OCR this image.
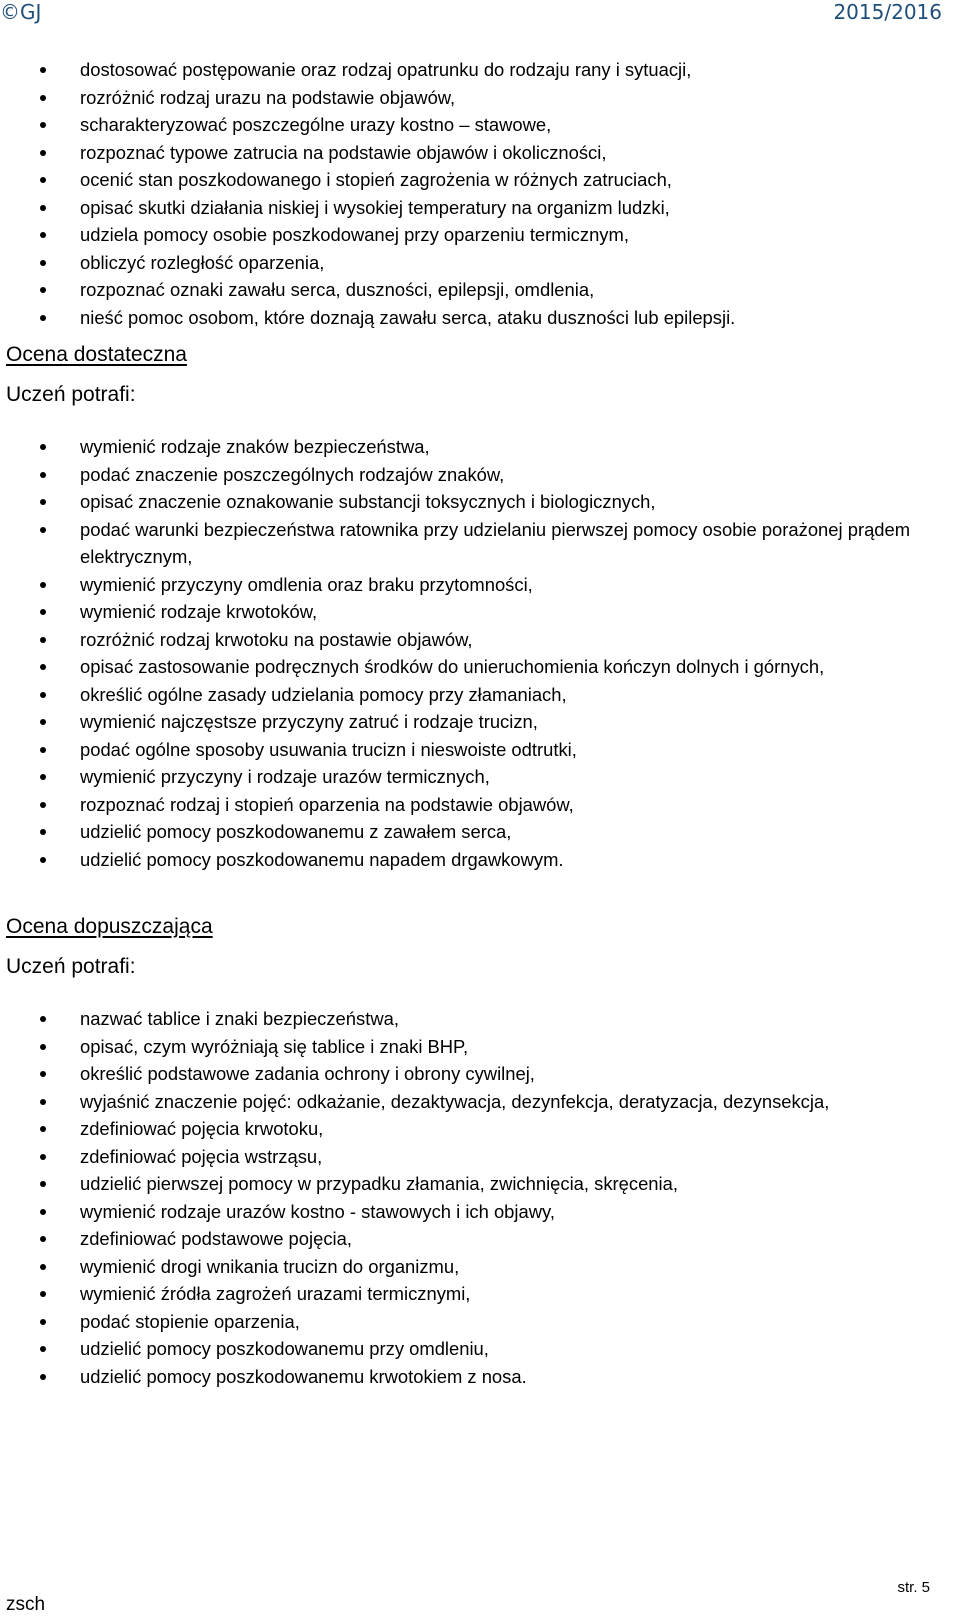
©GJ	2015/2016
dostosować postępowanie oraz rodzaj opatrunku do rodzaju rany i sytuacji,
rozróżnić rodzaj urazu na podstawie objawów,
scharakteryzować poszczególne urazy kostno – stawowe,
rozpoznać typowe zatrucia na podstawie objawów i okoliczności,
ocenić stan poszkodowanego i stopień zagrożenia w różnych zatruciach,
opisać skutki działania niskiej i wysokiej temperatury na organizm ludzki,
udziela pomocy osobie poszkodowanej przy oparzeniu termicznym,
obliczyć rozległość oparzenia,
rozpoznać oznaki zawału serca, duszności, epilepsji, omdlenia,
nieść pomoc osobom, które doznają zawału serca, ataku duszności lub epilepsji.
Ocena dostateczna
Uczeń potrafi:
wymienić rodzaje znaków bezpieczeństwa,
podać znaczenie poszczególnych rodzajów znaków,
opisać znaczenie oznakowanie substancji toksycznych i biologicznych,
podać warunki bezpieczeństwa ratownika przy udzielaniu pierwszej pomocy osobie porażonej prądem elektrycznym,
wymienić przyczyny omdlenia oraz braku przytomności,
wymienić rodzaje krwotoków,
rozróżnić rodzaj krwotoku na postawie objawów,
opisać zastosowanie podręcznych środków do unieruchomienia kończyn dolnych i górnych,
określić ogólne zasady udzielania pomocy przy złamaniach,
wymienić najczęstsze przyczyny zatruć i rodzaje trucizn,
podać ogólne sposoby usuwania trucizn i nieswoiste odtrutki,
wymienić przyczyny i rodzaje urazów termicznych,
rozpoznać rodzaj i stopień oparzenia na podstawie objawów,
udzielić pomocy poszkodowanemu z zawałem serca,
udzielić pomocy poszkodowanemu napadem drgawkowym.
Ocena dopuszczająca
Uczeń potrafi:
nazwać tablice i znaki bezpieczeństwa,
opisać, czym wyróżniają się tablice i znaki BHP,
określić podstawowe zadania ochrony i obrony cywilnej,
wyjaśnić znaczenie pojęć: odkażanie, dezaktywacja, dezynfekcja, deratyzacja, dezynsekcja,
zdefiniować pojęcia krwotoku,
zdefiniować pojęcia wstrząsu,
udzielić pierwszej pomocy w przypadku złamania, zwichnięcia, skręcenia,
wymienić rodzaje urazów kostno - stawowych i ich objawy,
zdefiniować podstawowe pojęcia,
wymienić drogi wnikania trucizn do organizmu,
wymienić źródła zagrożeń urazami termicznymi,
podać stopienie oparzenia,
udzielić pomocy poszkodowanemu przy omdleniu,
udzielić pomocy poszkodowanemu krwotokiem z nosa.
str. 5
zsch
